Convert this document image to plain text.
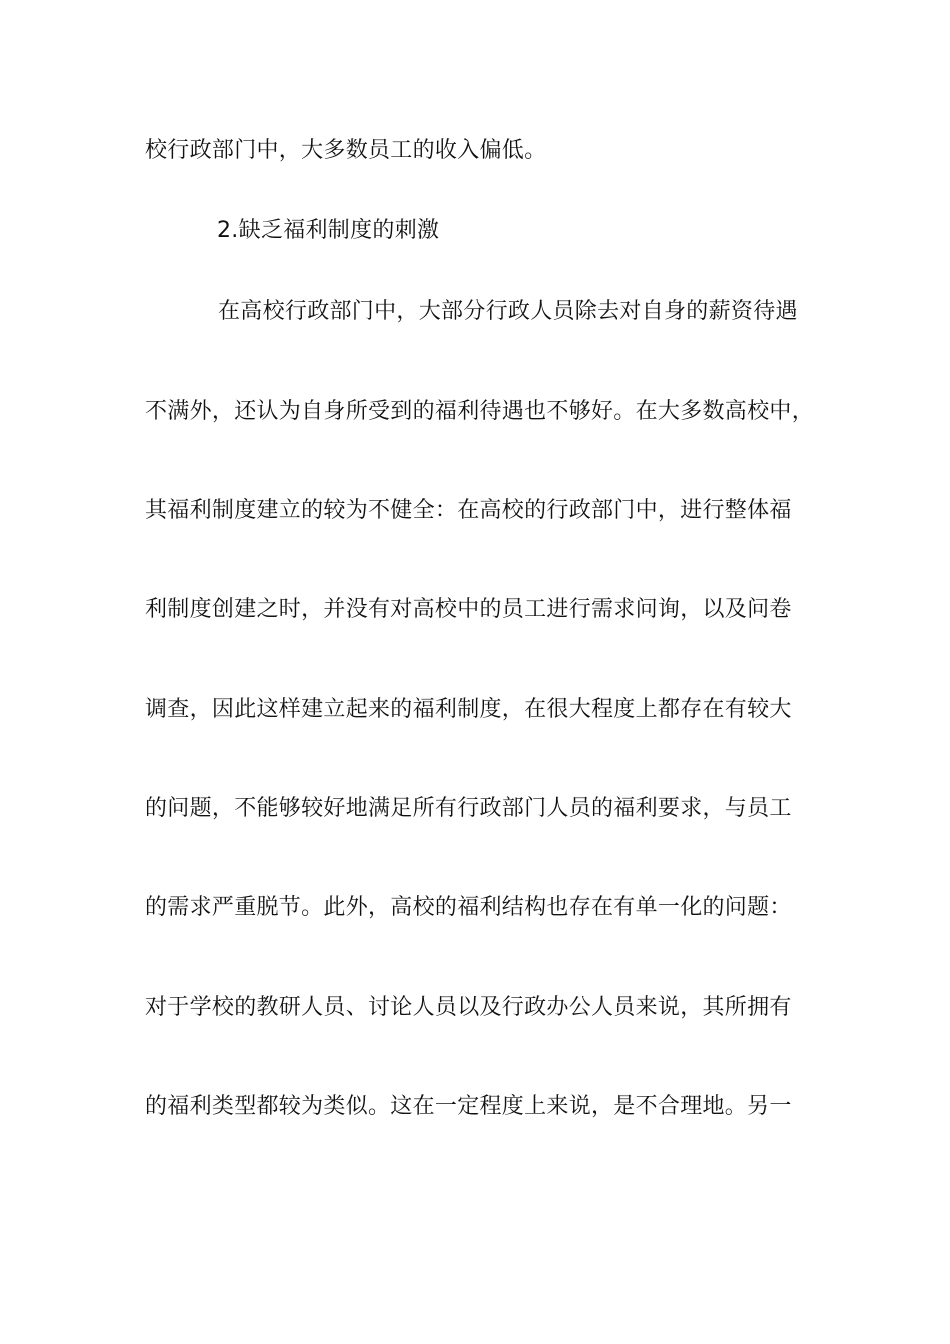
校行政部门中，大多数员工的收入偏低。
2.缺乏福利制度的刺激
在高校行政部门中，大部分行政人员除去对自身的薪资待遇
不满外，还认为自身所受到的福利待遇也不够好。在大多数高校中，
其福利制度建立的较为不健全：在高校的行政部门中，进行整体福
利制度创建之时，并没有对高校中的员工进行需求问询，以及问卷
调查，因此这样建立起来的福利制度，在很大程度上都存在有较大
的问题，不能够较好地满足所有行政部门人员的福利要求，与员工
的需求严重脱节。此外，高校的福利结构也存在有单一化的问题：
对于学校的教研人员、讨论人员以及行政办公人员来说，其所拥有
的福利类型都较为类似。这在一定程度上来说，是不合理地。另一
